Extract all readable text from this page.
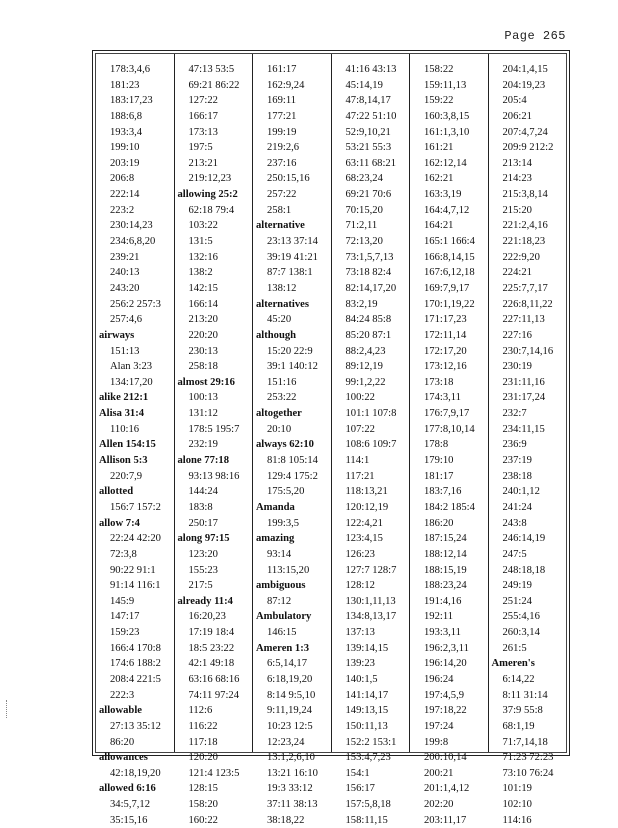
Page 265
178:3,4,6
181:23
183:17,23
188:6,8
193:3,4
199:10
203:19
206:8
222:14
223:2
230:14,23
234:6,8,20
239:21
240:13
243:20
256:2 257:3
257:4,6
airways
151:13
Alan 3:23
134:17,20
alike 212:1
Alisa 31:4
110:16
Allen 154:15
Allison 5:3
220:7,9
allotted
156:7 157:2
allow 7:4
22:24 42:20
72:3,8
90:22 91:1
91:14 116:1
145:9
147:17
159:23
166:4 170:8
174:6 188:2
208:4 221:5
222:3
allowable
27:13 35:12
86:20
allowances
42:18,19,20
allowed 6:16
34:5,7,12
35:15,16
47:13 53:5
69:21 86:22
127:22
166:17
173:13
197:5
213:21
219:12,23
allowing 25:2
62:18 79:4
103:22
131:5
132:16
138:2
142:15
166:14
213:20
220:20
230:13
258:18
almost 29:16
100:13
131:12
178:5 195:7
232:19
alone 77:18
93:13 98:16
144:24
183:8
250:17
along 97:15
123:20
155:23
217:5
already 11:4
16:20,23
17:19 18:4
18:5 23:22
42:1 49:18
63:16 68:16
74:11 97:24
112:6
116:22
117:18
120:20
121:4 123:5
128:15
158:20
160:22
161:17
162:9,24
169:11
177:21
199:19
219:2,6
237:16
250:15,16
257:22
258:1
alternative
23:13 37:14
39:19 41:21
87:7 138:1
138:12
alternatives
45:20
although
15:20 22:9
39:1 140:12
151:16
253:22
altogether
20:10
always 62:10
81:8 105:14
129:4 175:2
175:5,20
Amanda
199:3,5
amazing
93:14
113:15,20
ambiguous
87:12
Ambulatory
146:15
Ameren 1:3
6:5,14,17
6:18,19,20
8:14 9:5,10
9:11,19,24
10:23 12:5
12:23,24
13:1,2,6,10
13:21 16:10
19:3 33:12
37:11 38:13
38:18,22
41:16 43:13
45:14,19
47:8,14,17
47:22 51:10
52:9,10,21
53:21 55:3
63:11 68:21
68:23,24
69:21 70:6
70:15,20
71:2,11
72:13,20
73:1,5,7,13
73:18 82:4
82:14,17,20
83:2,19
84:24 85:8
85:20 87:1
88:2,4,23
89:12,19
99:1,2,22
100:22
101:1 107:8
107:22
108:6 109:7
114:1
117:21
118:13,21
120:12,19
122:4,21
123:4,15
126:23
127:7 128:7
128:12
130:1,11,13
134:8,13,17
137:13
139:14,15
139:23
140:1,5
141:14,17
149:13,15
150:11,13
152:2 153:1
153:4,7,23
154:1
156:17
157:5,8,18
158:11,15
158:22
159:11,13
159:22
160:3,8,15
161:1,3,10
161:21
162:12,14
162:21
163:3,19
164:4,7,12
164:21
165:1 166:4
166:8,14,15
167:6,12,18
169:7,9,17
170:1,19,22
171:17,23
172:11,14
172:17,20
173:12,16
173:18
174:3,11
176:7,9,17
177:8,10,14
178:8
179:10
181:17
183:7,16
184:2 185:4
186:20
187:15,24
188:12,14
188:15,19
188:23,24
191:4,16
192:11
193:3,11
196:2,3,11
196:14,20
196:24
197:4,5,9
197:18,22
197:24
199:8
200:10,14
200:21
201:1,4,12
202:20
203:11,17
204:1,4,15
204:19,23
205:4
206:21
207:4,7,24
209:9 212:2
213:14
214:23
215:3,8,14
215:20
221:2,4,16
221:18,23
222:9,20
224:21
225:7,7,17
226:8,11,22
227:11,13
227:16
230:7,14,16
230:19
231:11,16
231:17,24
232:7
234:11,15
236:9
237:19
238:18
240:1,12
241:24
243:8
246:14,19
247:5
248:18,18
249:19
251:24
255:4,16
260:3,14
261:5
Ameren's
6:14,22
8:11 31:14
37:9 55:8
68:1,19
71:7,14,18
71:23 72:23
73:10 76:24
101:19
102:10
114:16
